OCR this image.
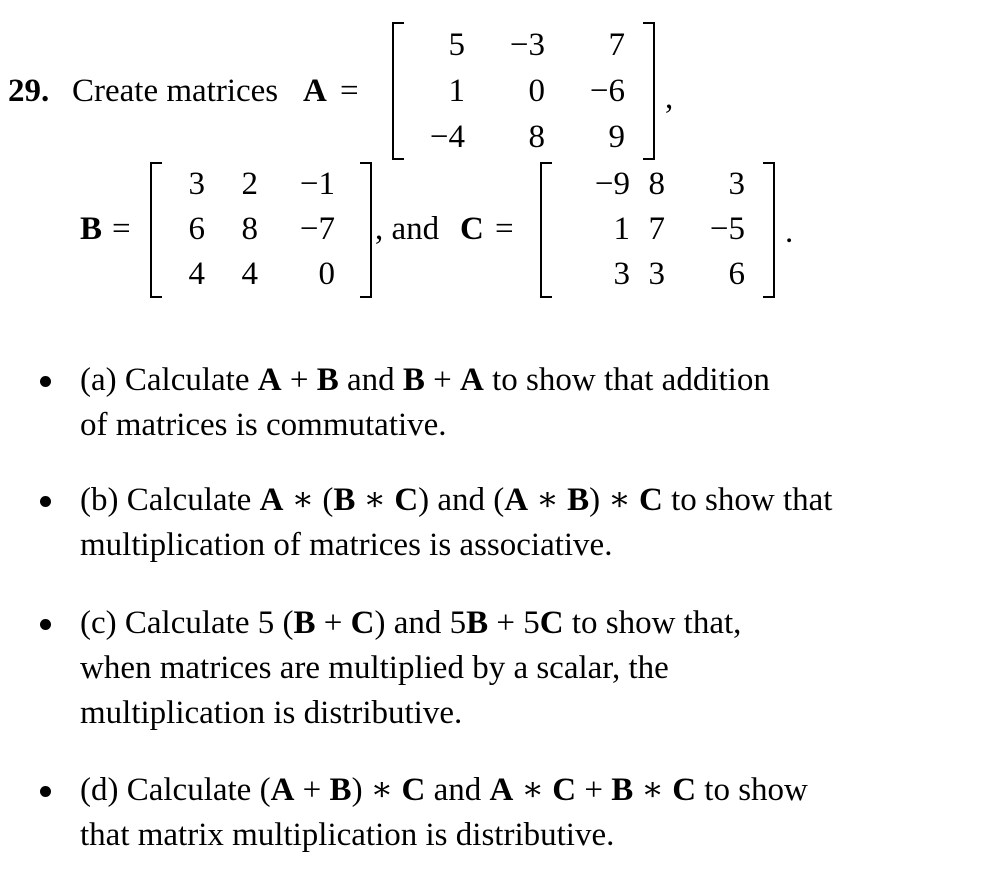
29. Create matrices A =	,
B =	, and C =	.
5	−3	7
1	0	−6
−4	8	9
3	2	−1
6	8	−7
4	4	0
−9 8	3
1 7	−5
3 3	6
(a) Calculate A + B and B + A to show that addition
of matrices is commutative.
(b) Calculate A ∗ (B ∗ C) and (A ∗ B) ∗ C to show that
multiplication of matrices is associative.
(c) Calculate 5 (B + C) and 5B + 5C to show that,
when matrices are multiplied by a scalar, the
multiplication is distributive.
(d) Calculate (A + B) ∗ C and A ∗ C + B ∗ C to show
that matrix multiplication is distributive.
